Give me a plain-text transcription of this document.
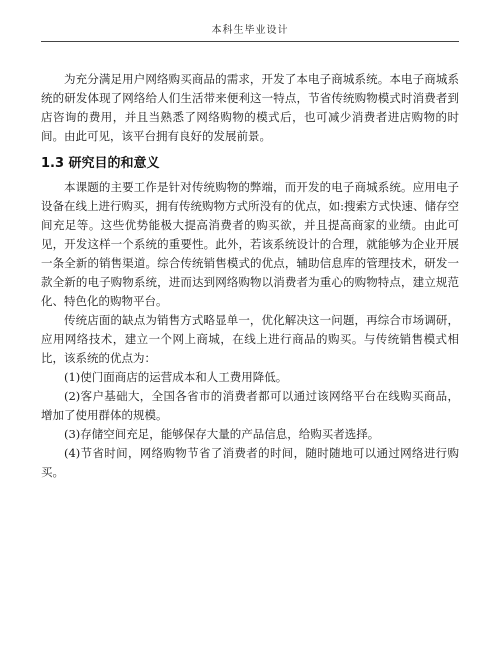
本科生毕业设计

为充分满足用户网络购买商品的需求，开发了本电子商城系统。本电子商城系统的研发体现了网络给人们生活带来便利这一特点，节省传统购物模式时消费者到店咨询的费用，并且当熟悉了网络购物的模式后，也可减少消费者进店购物的时间。由此可见，该平台拥有良好的发展前景。

1.3 研究目的和意义

本课题的主要工作是针对传统购物的弊端，而开发的电子商城系统。应用电子设备在线上进行购买，拥有传统购物方式所没有的优点，如:搜索方式快速、储存空间充足等。这些优势能极大提高消费者的购买欲，并且提高商家的业绩。由此可见，开发这样一个系统的重要性。此外，若该系统设计的合理，就能够为企业开展一条全新的销售渠道。综合传统销售模式的优点，辅助信息库的管理技术，研发一款全新的电子购物系统，进而达到网络购物以消费者为重心的购物特点，建立规范化、特色化的购物平台。

传统店面的缺点为销售方式略显单一，优化解决这一问题，再综合市场调研，应用网络技术，建立一个网上商城，在线上进行商品的购买。与传统销售模式相比，该系统的优点为：

(1)使门面商店的运营成本和人工费用降低。

(2)客户基础大，全国各省市的消费者都可以通过该网络平台在线购买商品，增加了使用群体的规模。

(3)存储空间充足，能够保存大量的产品信息，给购买者选择。

(4)节省时间，网络购物节省了消费者的时间，随时随地可以通过网络进行购买。
